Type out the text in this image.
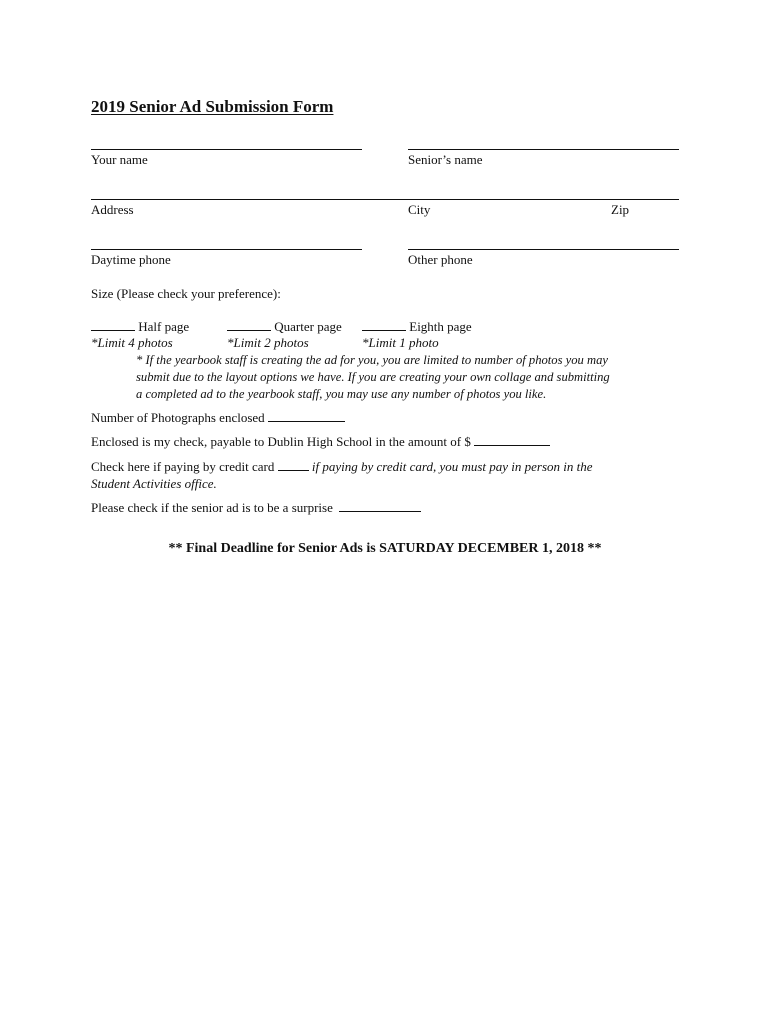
2019 Senior Ad Submission Form
Your name	Senior’s name
Address	City	Zip
Daytime phone	Other phone
Size (Please check your preference):
Half page	Quarter page	Eighth page
*Limit 4 photos	*Limit 2 photos	*Limit 1 photo
* If the yearbook staff is creating the ad for you, you are limited to number of photos you may
submit due to the layout options we have. If you are creating your own collage and submitting
a completed ad to the yearbook staff, you may use any number of photos you like.
Number of Photographs enclosed
Enclosed is my check, payable to Dublin High School in the amount of $
Check here if paying by credit card	if paying by credit card, you must pay in person in the
Student Activities office.
Please check if the senior ad is to be a surprise
** Final Deadline for Senior Ads is SATURDAY DECEMBER 1, 2018 **
